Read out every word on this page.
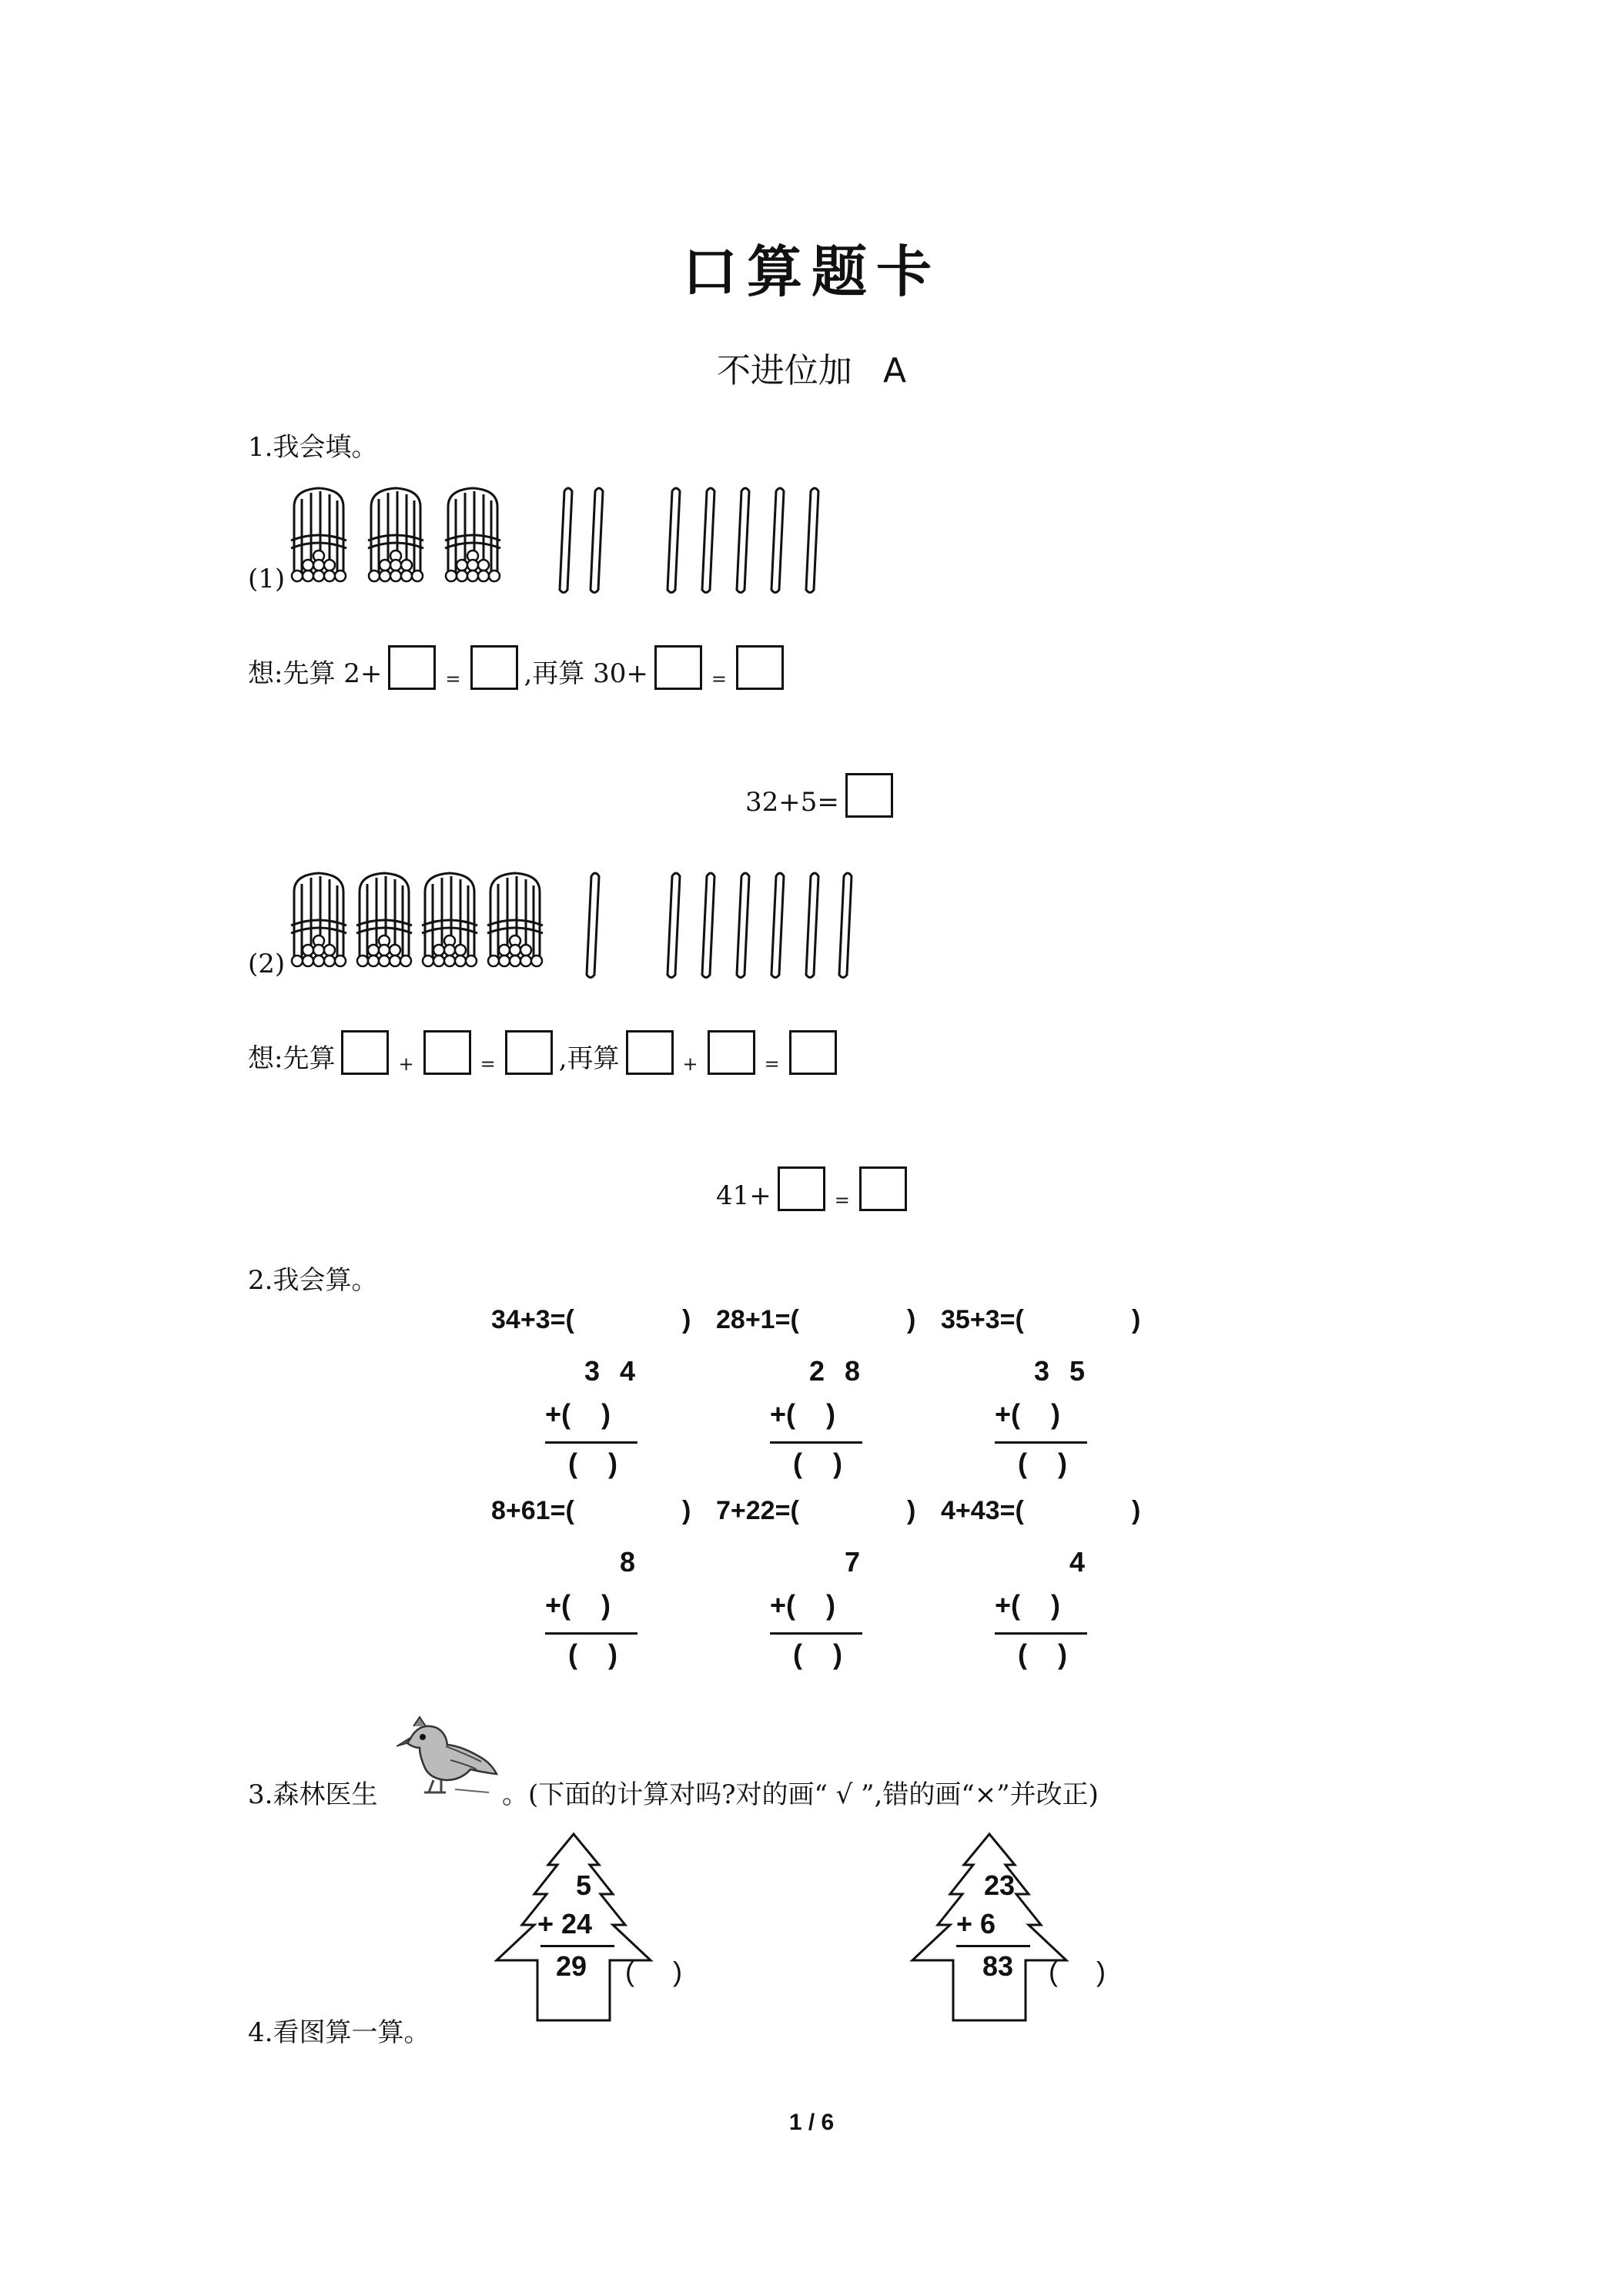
口算题卡
不进位加 A
1.我会填。
(1)
想:先算 2+	= ,再算 30+	=
32+5=
(2)
想:先算	+	= ,再算	+	=
41+	=
2.我会算。
34+3=(	) 28+1=(	) 35+3=(	)
3 4
+(    )
(    )
2 8
+(    )
(    )
3 5
+(    )
(    )
8+61=(	) 7+22=(	) 4+43=(	)
8
+(    )
(    )
7
+(    )
(    )
4
+(    )
(    )
3.森林医生	。(下面的计算对吗?对的画“ √ ”,错的画“×”并改正)
5
+ 24
29 (     )
23
+ 6
83 (     )
4.看图算一算。
1 / 6
